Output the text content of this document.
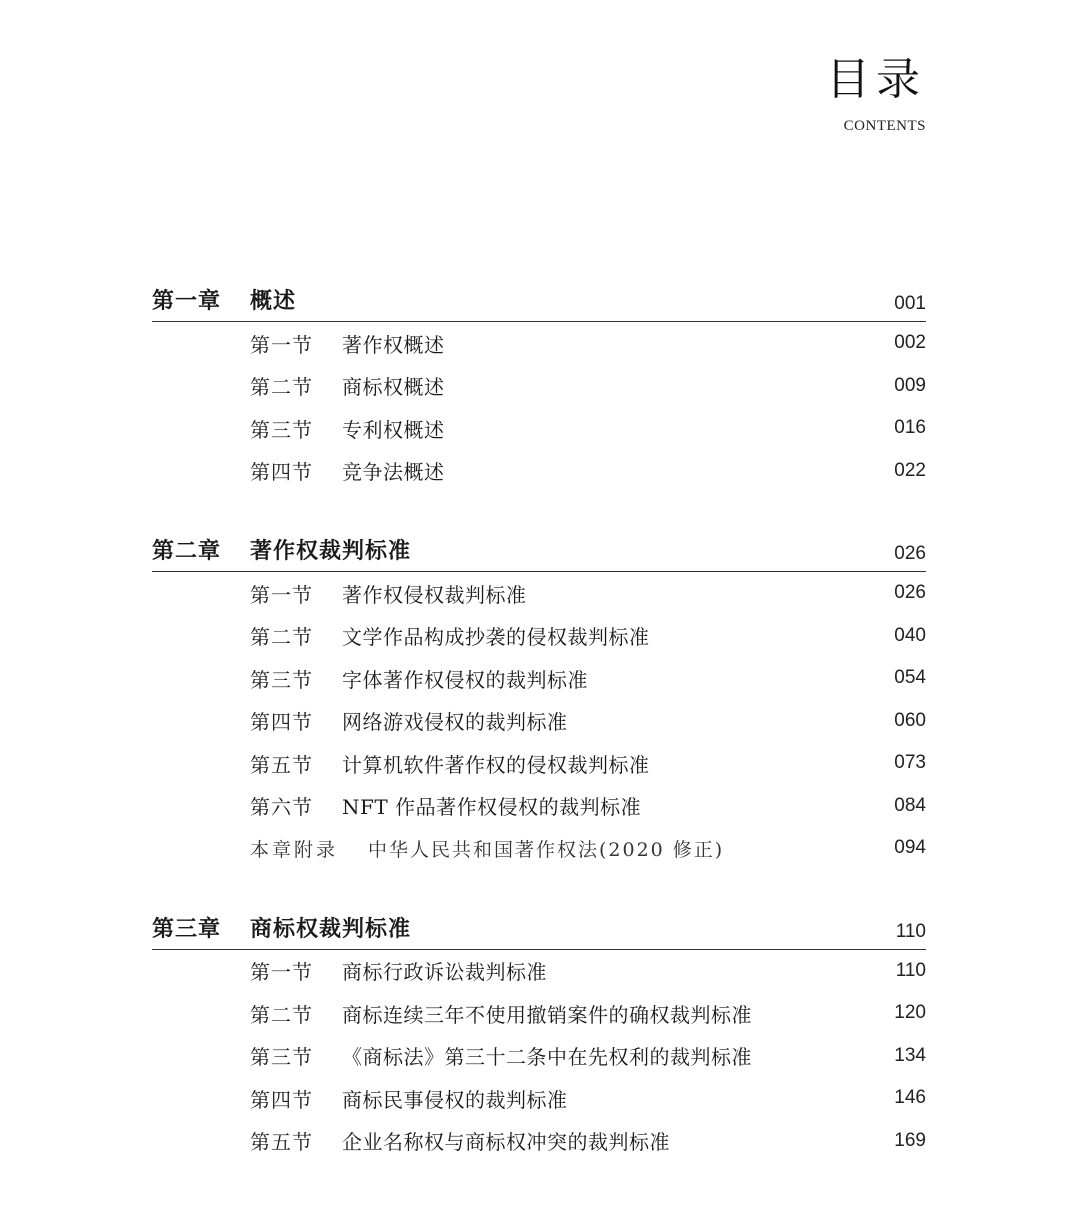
目录
CONTENTS
第一章	概述	001
第一节	著作权概述	002
第二节	商标权概述	009
第三节	专利权概述	016
第四节	竞争法概述	022
第二章	著作权裁判标准	026
第一节	著作权侵权裁判标准	026
第二节	文学作品构成抄袭的侵权裁判标准	040
第三节	字体著作权侵权的裁判标准	054
第四节	网络游戏侵权的裁判标准	060
第五节	计算机软件著作权的侵权裁判标准	073
第六节	NFT 作品著作权侵权的裁判标准	084
本章附录	中华人民共和国著作权法(2020 修正)	094
第三章	商标权裁判标准	110
第一节	商标行政诉讼裁判标准	110
第二节	商标连续三年不使用撤销案件的确权裁判标准	120
第三节	《商标法》第三十二条中在先权利的裁判标准	134
第四节	商标民事侵权的裁判标准	146
第五节	企业名称权与商标权冲突的裁判标准	169
